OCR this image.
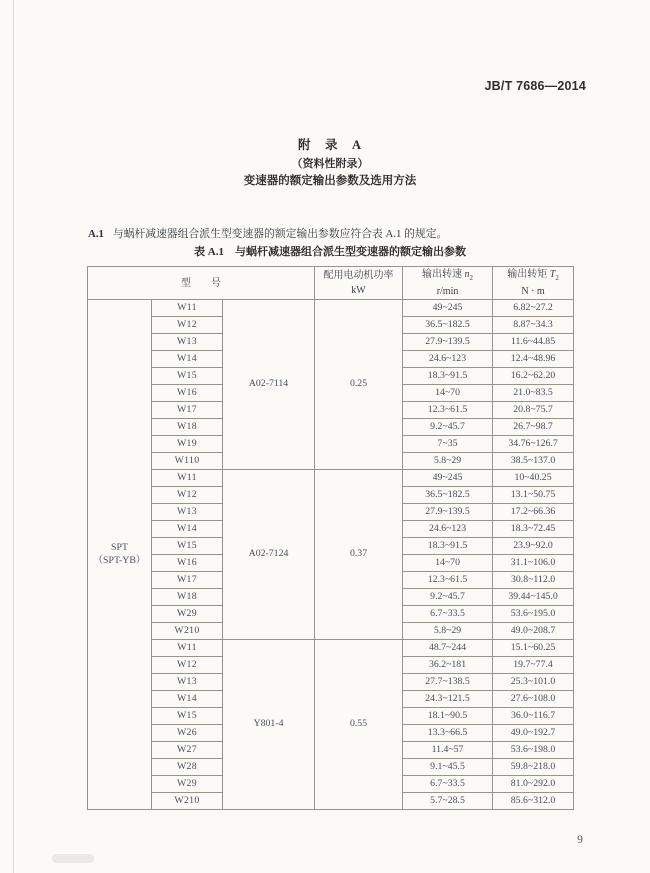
JB/T 7686—2014
附　录　A
（资料性附录）
变速器的额定输出参数及选用方法

A.1 与蜗杆减速器组合派生型变速器的额定输出参数应符合表 A.1 的规定。

表 A.1　与蜗杆减速器组合派生型变速器的额定输出参数
型　　号	
配用电动机功率
kW

输出转速 $n_2$
r/min

输出转矩 $T_2$
N · m

SPT
（SPT-YB）	W11	A02-7114	0.25	49~245	6.82~27.2
	W12			36.5~182.5	8.87~34.3
	W13			27.9~139.5	11.6~44.85
	W14			24.6~123	12.4~48.96
	W15			18.3~91.5	16.2~62.20
	W16			14~70	21.0~83.5
	W17			12.3~61.5	20.8~75.7
	W18			9.2~45.7	26.7~98.7
	W19			7~35	34.76~126.7
	W110			5.8~29	38.5~137.0
	W11	A02-7124	0.37	49~245	10~40.25
	W12			36.5~182.5	13.1~50.75
	W13			27.9~139.5	17.2~66.36
	W14			24.6~123	18.3~72.45
	W15			18.3~91.5	23.9~92.0
	W16			14~70	31.1~106.0
	W17			12.3~61.5	30.8~112.0
	W18			9.2~45.7	39.44~145.0
	W29			6.7~33.5	53.6~195.0
	W210			5.8~29	49.0~208.7
	W11	Y801-4	0.55	48.7~244	15.1~60.25
	W12			36.2~181	19.7~77.4
	W13			27.7~138.5	25.3~101.0
	W14			24.3~121.5	27.6~108.0
	W15			18.1~90.5	36.0~116.7
	W26			13.3~66.5	49.0~192.7
	W27			11.4~57	53.6~198.0
	W28			9.1~45.5	59.8~218.0
	W29			6.7~33.5	81.0~292.0
	W210			5.7~28.5	85.6~312.0
9
